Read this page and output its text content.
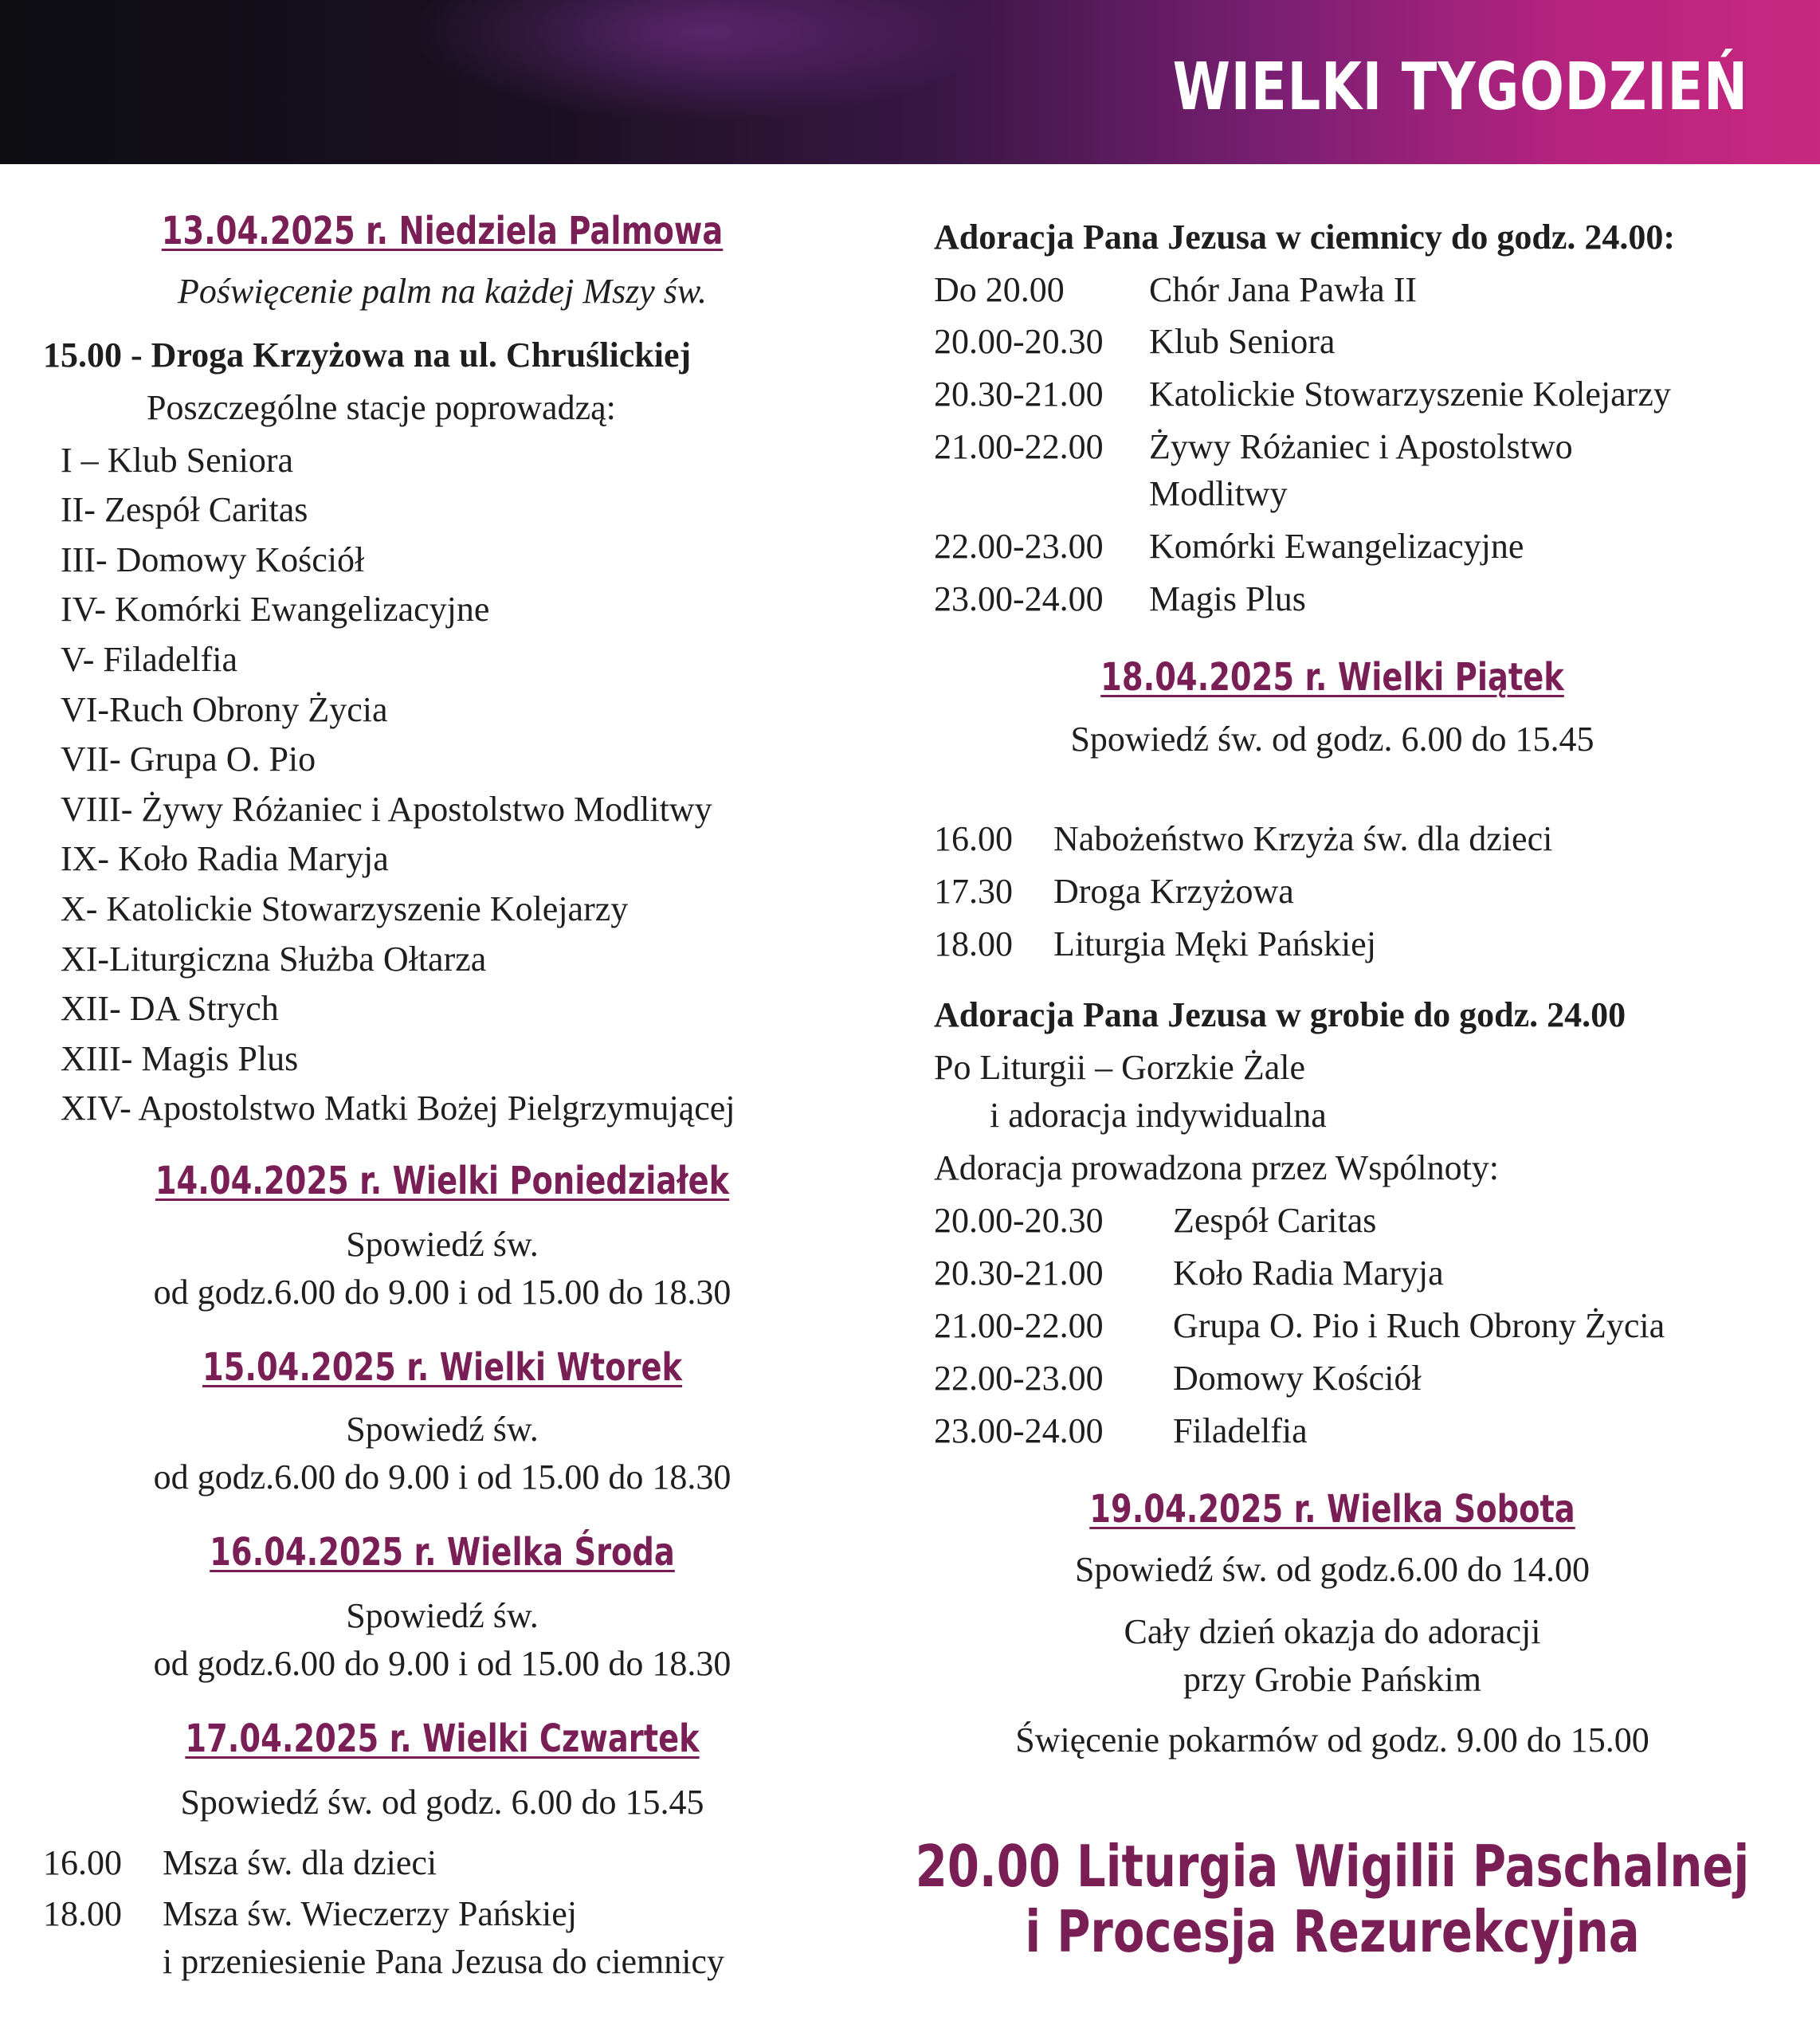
WIELKI TYGODZIEŃ
13.04.2025 r. Niedziela Palmowa
Poświęcenie palm na każdej Mszy św.
15.00 - Droga Krzyżowa na ul. Chruślickiej
Poszczególne stacje poprowadzą:
I – Klub Seniora
II- Zespół Caritas
III- Domowy Kościół
IV- Komórki Ewangelizacyjne
V- Filadelfia
VI-Ruch Obrony Życia
VII- Grupa O. Pio
VIII- Żywy Różaniec i Apostolstwo Modlitwy
IX- Koło Radia Maryja
X- Katolickie Stowarzyszenie Kolejarzy
XI-Liturgiczna Służba Ołtarza
XII- DA Strych
XIII- Magis Plus
XIV- Apostolstwo Matki Bożej Pielgrzymującej
14.04.2025 r. Wielki Poniedziałek
Spowiedź św.
od godz.6.00 do 9.00 i od 15.00 do 18.30
15.04.2025 r. Wielki Wtorek
Spowiedź św.
od godz.6.00 do 9.00 i od 15.00 do 18.30
16.04.2025 r. Wielka Środa
Spowiedź św.
od godz.6.00 do 9.00 i od 15.00 do 18.30
17.04.2025 r. Wielki Czwartek
Spowiedź św. od godz. 6.00 do 15.45
16.00 Msza św. dla dzieci
18.00 Msza św. Wieczerzy Pańskiej
i przeniesienie Pana Jezusa do ciemnicy
Adoracja Pana Jezusa w ciemnicy do godz. 24.00:
Do 20.00 Chór Jana Pawła II
20.00-20.30 Klub Seniora
20.30-21.00 Katolickie Stowarzyszenie Kolejarzy
21.00-22.00 Żywy Różaniec i Apostolstwo
Modlitwy
22.00-23.00 Komórki Ewangelizacyjne
23.00-24.00 Magis Plus
18.04.2025 r. Wielki Piątek
Spowiedź św. od godz. 6.00 do 15.45
16.00 Nabożeństwo Krzyża św. dla dzieci
17.30 Droga Krzyżowa
18.00 Liturgia Męki Pańskiej
Adoracja Pana Jezusa w grobie do godz. 24.00
Po Liturgii – Gorzkie Żale
i adoracja indywidualna
Adoracja prowadzona przez Wspólnoty:
20.00-20.30 Zespół Caritas
20.30-21.00 Koło Radia Maryja
21.00-22.00 Grupa O. Pio i Ruch Obrony Życia
22.00-23.00 Domowy Kościół
23.00-24.00 Filadelfia
19.04.2025 r. Wielka Sobota
Spowiedź św. od godz.6.00 do 14.00
Cały dzień okazja do adoracji
przy Grobie Pańskim
Święcenie pokarmów od godz. 9.00 do 15.00
20.00 Liturgia Wigilii Paschalnej
i Procesja Rezurekcyjna
